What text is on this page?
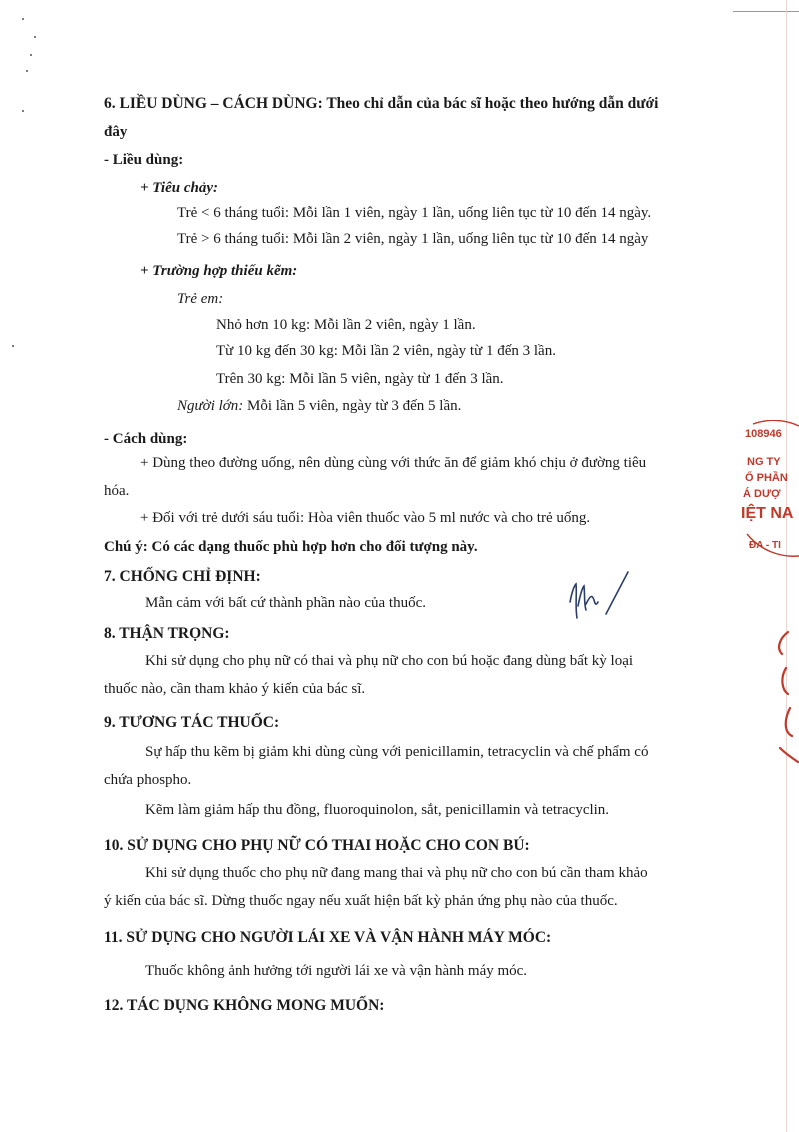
6. LIỀU DÙNG – CÁCH DÙNG: Theo chỉ dẫn của bác sĩ hoặc theo hướng dẫn dưới
đây
- Liều dùng:
+ Tiêu chảy:
Trẻ < 6 tháng tuổi: Mỗi lần 1 viên, ngày 1 lần, uống liên tục từ 10 đến 14 ngày.
Trẻ > 6 tháng tuổi: Mỗi lần 2 viên, ngày 1 lần, uống liên tục từ 10 đến 14 ngày
+ Trường hợp thiếu kẽm:
Trẻ em:
Nhỏ hơn 10 kg: Mỗi lần 2 viên, ngày 1 lần.
Từ 10 kg đến 30 kg: Mỗi lần 2 viên, ngày từ 1 đến 3 lần.
Trên 30 kg: Mỗi lần 5 viên, ngày từ 1 đến 3 lần.
Người lớn: Mỗi lần 5 viên, ngày từ 3 đến 5 lần.
- Cách dùng:
+ Dùng theo đường uống, nên dùng cùng với thức ăn để giảm khó chịu ở đường tiêu
hóa.
+ Đối với trẻ dưới sáu tuổi: Hòa viên thuốc vào 5 ml nước và cho trẻ uống.
Chú ý: Có các dạng thuốc phù hợp hơn cho đối tượng này.
7. CHỐNG CHỈ ĐỊNH:
Mẫn cảm với bất cứ thành phần nào của thuốc.
8. THẬN TRỌNG:
Khi sử dụng cho phụ nữ có thai và phụ nữ cho con bú hoặc đang dùng bất kỳ loại
thuốc nào, cần tham khảo ý kiến của bác sĩ.
9. TƯƠNG TÁC THUỐC:
Sự hấp thu kẽm bị giảm khi dùng cùng với penicillamin, tetracyclin và chế phẩm có
chứa phospho.
Kẽm làm giảm hấp thu đồng, fluoroquinolon, sắt, penicillamin và tetracyclin.
10. SỬ DỤNG CHO PHỤ NỮ CÓ THAI HOẶC CHO CON BÚ:
Khi sử dụng thuốc cho phụ nữ đang mang thai và phụ nữ cho con bú cần tham khảo
ý kiến của bác sĩ. Dừng thuốc ngay nếu xuất hiện bất kỳ phản ứng phụ nào của thuốc.
11. SỬ DỤNG CHO NGƯỜI LÁI XE VÀ VẬN HÀNH MÁY MÓC:
Thuốc không ảnh hưởng tới người lái xe và vận hành máy móc.
12. TÁC DỤNG KHÔNG MONG MUỐN:
108946
NG TY
Ổ PHẦN
Á DƯỢ
IỆT NA
ĐA - TI
